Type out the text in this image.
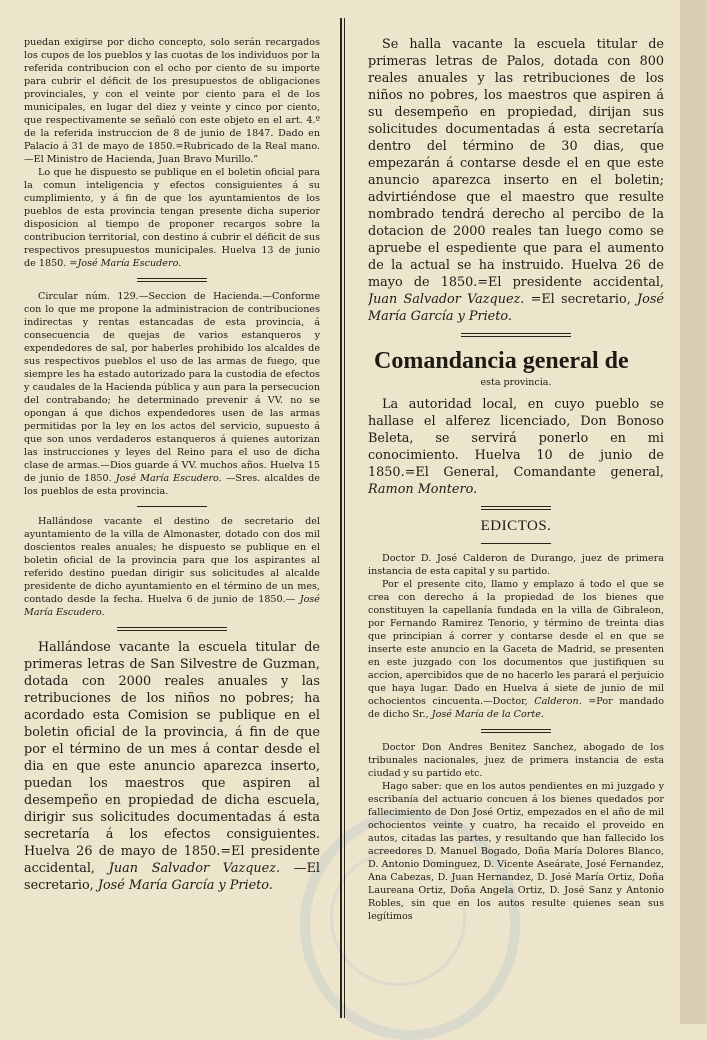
puedan exigirse por dicho concepto, solo serán recargados los cupos de los pueblos y las cuotas de los individuos por la referida contribucion con el ocho por ciento de su importe para cubrir el déficit de los presupuestos de obligaciones provinciales, y con el veinte por ciento para el de los municipales, en lugar del diez y veinte y cinco por ciento, que respectivamente se señaló con este objeto en el art. 4.º de la referida instruccion de 8 de junio de 1847. Dado en Palacio á 31 de mayo de 1850.=Rubricado de la Real mano.—El Ministro de Hacienda, Juan Bravo Murillo.”

Lo que he dispuesto se publique en el boletin oficial para la comun inteligencia y efectos consiguientes á su cumplimiento, y á fin de que los ayuntamientos de los pueblos de esta provincia tengan presente dicha superior disposicion al tiempo de proponer recargos sobre la contribucion territorial, con destino á cubrir el déficit de sus respectivos presupuestos municipales. Huelva 13 de junio de 1850. =José María Escudero.

Circular núm. 129.—Seccion de Hacienda.—Conforme con lo que me propone la administracion de contribuciones indirectas y rentas estancadas de esta provincia, á consecuencia de quejas de varios estanqueros y expendedores de sal, por haberles prohibido los alcaldes de sus respectivos pueblos el uso de las armas de fuego, que siempre les ha estado autorizado para la custodia de efectos y caudales de la Hacienda pública y aun para la persecucion del contrabando; he determinado prevenir á VV. no se opongan á que dichos expendedores usen de las armas permitidas por la ley en los actos del servicio, supuesto á que son unos verdaderos estanqueros á quienes autorizan las instrucciones y leyes del Reino para el uso de dicha clase de armas.—Dios guarde á VV. muchos años. Huelva 15 de junio de 1850. José María Escudero. —Sres. alcaldes de los pueblos de esta provincia.

Hallándose vacante el destino de secretario del ayuntamiento de la villa de Almonaster, dotado con dos mil doscientos reales anuales; he dispuesto se publique en el boletin oficial de la provincia para que los aspirantes al referido destino puedan dirigir sus solicitudes al alcalde presidente de dicho ayuntamiento en el término de un mes, contado desde la fecha. Huelva 6 de junio de 1850.— José María Escudero.

Hallándose vacante la escuela titular de primeras letras de San Silvestre de Guzman, dotada con 2000 reales anuales y las retribuciones de los niños no pobres; ha acordado esta Comision se publique en el boletin oficial de la provincia, á fin de que por el término de un mes á contar desde el dia en que este anuncio aparezca inserto, puedan los maestros que aspiren al desempeño en propiedad de dicha escuela, dirigir sus solicitudes documentadas á esta secretaría á los efectos consiguientes. Huelva 26 de mayo de 1850.=El presidente accidental, Juan Salvador Vazquez. —El secretario, José María García y Prieto.

Se halla vacante la escuela titular de primeras letras de Palos, dotada con 800 reales anuales y las retribuciones de los niños no pobres, los maestros que aspiren á su desempeño en propiedad, dirijan sus solicitudes documentadas á esta secretaría dentro del término de 30 dias, que empezarán á contarse desde el en que este anuncio aparezca inserto en el boletin; advirtiéndose que el maestro que resulte nombrado tendrá derecho al percibo de la dotacion de 2000 reales tan luego como se apruebe el espediente que para el aumento de la actual se ha instruido. Huelva 26 de mayo de 1850.=El presidente accidental, Juan Salvador Vazquez. =El secretario, José María García y Prieto.

Comandancia general de
esta provincia.

La autoridad local, en cuyo pueblo se hallase el alferez licenciado, Don Bonoso Beleta, se servirá ponerlo en mi conocimiento. Huelva 10 de junio de 1850.=El General, Comandante general, Ramon Montero.

EDICTOS.

Doctor D. José Calderon de Durango, juez de primera instancia de esta capital y su partido.

Por el presente cito, llamo y emplazo á todo el que se crea con derecho á la propiedad de los bienes que constituyen la capellanía fundada en la villa de Gibraleon, por Fernando Ramirez Tenorio, y término de treinta dias que principian á correr y contarse desde el en que se inserte este anuncio en la Gaceta de Madrid, se presenten en este juzgado con los documentos que justifiquen su accion, apercibidos que de no hacerlo les parará el perjuicio que haya lugar. Dado en Huelva á siete de junio de mil ochocientos cincuenta.—Doctor, Calderon. =Por mandado de dicho Sr., José María de la Corte.

Doctor Don Andres Benitez Sanchez, abogado de los tribunales nacionales, juez de primera instancia de esta ciudad y su partido etc.

Hago saber: que en los autos pendientes en mi juzgado y escribanía del actuario concuen á los bienes quedados por fallecimiento de Don José Ortiz, empezados en el año de mil ochocientos veinte y cuatro, ha recaido el proveido en autos, citadas las partes, y resultando que han fallecido los acreedores D. Manuel Bogado, Doña María Dolores Blanco, D. Antonio Dominguez, D. Vicente Aseárate, José Fernandez, Ana Cabezas, D. Juan Hernandez, D. José María Ortiz, Doña Laureana Ortiz, Doña Angela Ortiz, D. José Sanz y Antonio Robles, sin que en los autos resulte quienes sean sus legítimos
